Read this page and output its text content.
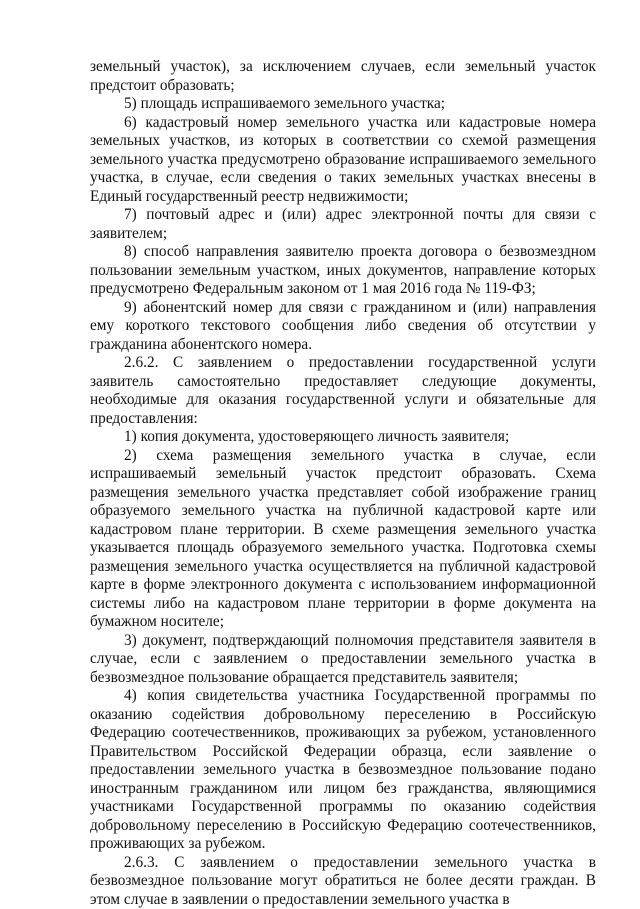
земельный участок), за исключением случаев, если земельный участок предстоит образовать;

5) площадь испрашиваемого земельного участка;

6) кадастровый номер земельного участка или кадастровые номера земельных участков, из которых в соответствии со схемой размещения земельного участка предусмотрено образование испрашиваемого земельного участка, в случае, если сведения о таких земельных участках внесены в Единый государственный реестр недвижимости;

7) почтовый адрес и (или) адрес электронной почты для связи с заявителем;

8) способ направления заявителю проекта договора о безвозмездном пользовании земельным участком, иных документов, направление которых предусмотрено Федеральным законом от 1 мая 2016 года № 119-ФЗ;

9) абонентский номер для связи с гражданином и (или) направления ему короткого текстового сообщения либо сведения об отсутствии у гражданина абонентского номера.

2.6.2. С заявлением о предоставлении государственной услуги заявитель самостоятельно предоставляет следующие документы, необходимые для оказания государственной услуги и обязательные для предоставления:

1) копия документа, удостоверяющего личность заявителя;

2) схема размещения земельного участка в случае, если испрашиваемый земельный участок предстоит образовать. Схема размещения земельного участка представляет собой изображение границ образуемого земельного участка на публичной кадастровой карте или кадастровом плане территории. В схеме размещения земельного участка указывается площадь образуемого земельного участка. Подготовка схемы размещения земельного участка осуществляется на публичной кадастровой карте в форме электронного документа с использованием информационной системы либо на кадастровом плане территории в форме документа на бумажном носителе;

3) документ, подтверждающий полномочия представителя заявителя в случае, если с заявлением о предоставлении земельного участка в безвозмездное пользование обращается представитель заявителя;

4) копия свидетельства участника Государственной программы по оказанию содействия добровольному переселению в Российскую Федерацию соотечественников, проживающих за рубежом, установленного Правительством Российской Федерации образца, если заявление о предоставлении земельного участка в безвозмездное пользование подано иностранным гражданином или лицом без гражданства, являющимися участниками Государственной программы по оказанию содействия добровольному переселению в Российскую Федерацию соотечественников, проживающих за рубежом.

2.6.3. С заявлением о предоставлении земельного участка в безвозмездное пользование могут обратиться не более десяти граждан. В этом случае в заявлении о предоставлении земельного участка в
